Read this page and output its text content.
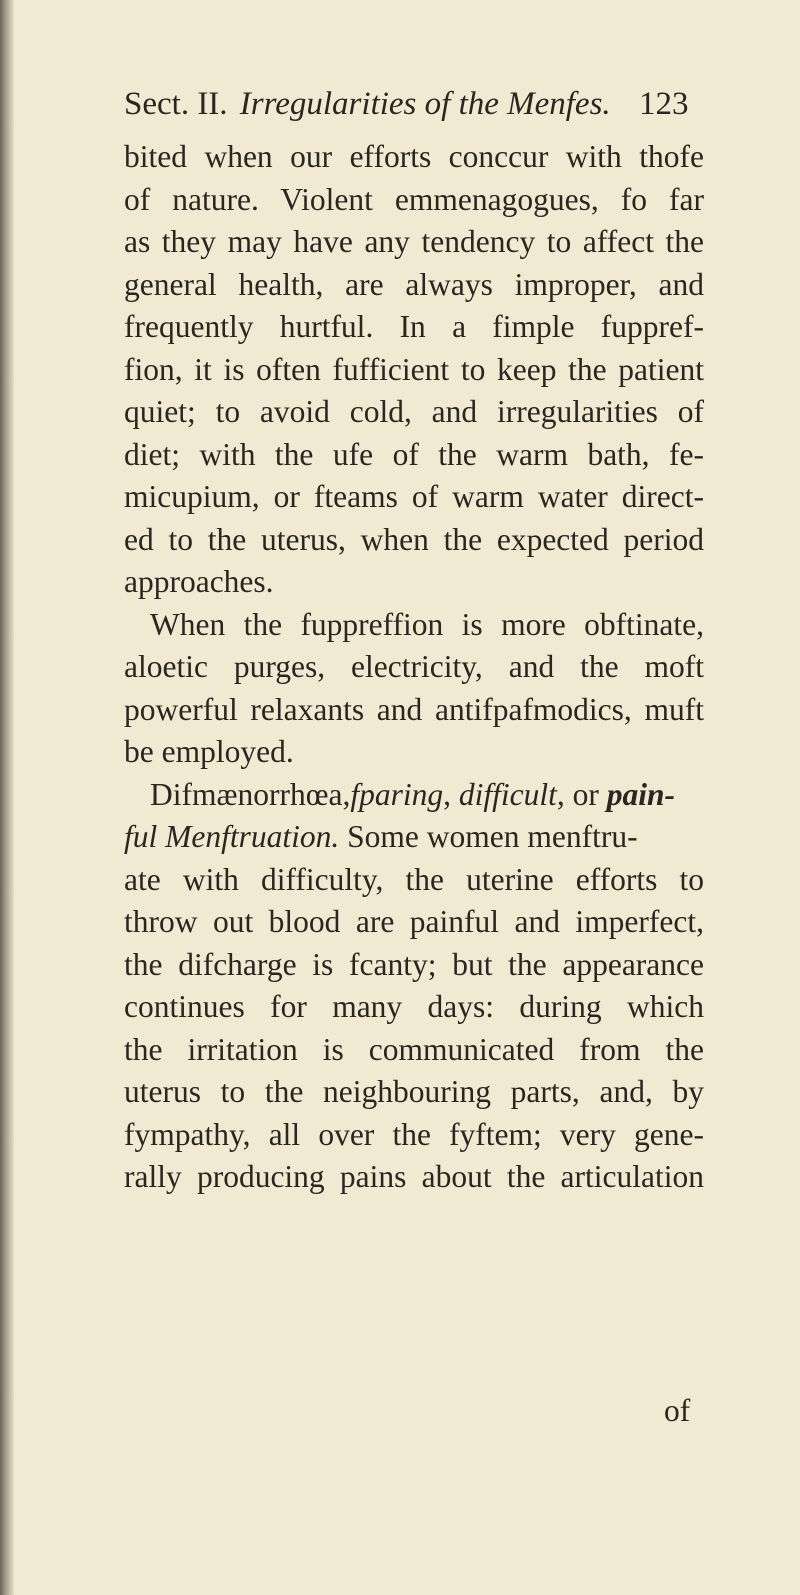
Sect. II. Irregularities of the Menfes. 123
bited when our efforts conccur with thofe
of nature. Violent emmenagogues, fo far
as they may have any tendency to affect the
general health, are always improper, and
frequently hurtful. In a fimple fuppref-
fion, it is often fufficient to keep the patient
quiet; to avoid cold, and irregularities of
diet; with the ufe of the warm bath, fe-
micupium, or fteams of warm water direct-
ed to the uterus, when the expected period
approaches.
When the fuppreffion is more obftinate,
aloetic purges, electricity, and the moft
powerful relaxants and antifpafmodics, muft
be employed.
Difmænorrhœa,fparing, difficult, or pain-
ful Menftruation. Some women menftru-
ate with difficulty, the uterine efforts to
throw out blood are painful and imperfect,
the difcharge is fcanty; but the appearance
continues for many days: during which
the irritation is communicated from the
uterus to the neighbouring parts, and, by
fympathy, all over the fyftem; very gene-
rally producing pains about the articulation
of
